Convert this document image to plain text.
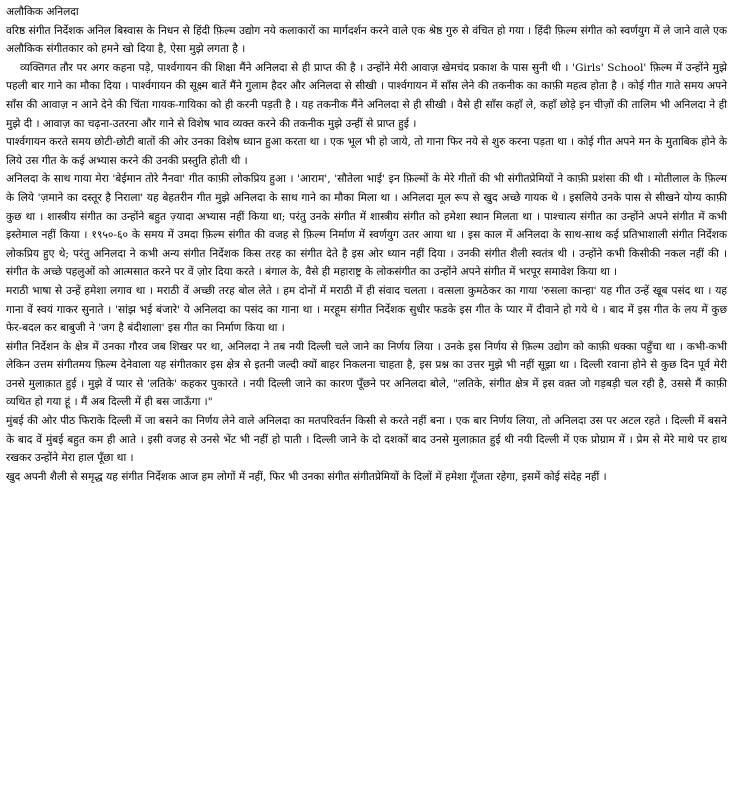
अलौकिक अनिलदा

वरिष्ठ संगीत निर्देशक अनिल बिस्वास के निधन से हिंदी फ़िल्म उद्योग नये कलाकारों का मार्गदर्शन करने वाले एक श्रेष्ठ गुरु से वंचित हो गया । हिंदी फ़िल्म संगीत को स्वर्णयुग में ले जाने वाले एक अलौकिक संगीतकार को हमने खो दिया है, ऐसा मुझे लगता है ।

व्यक्तिगत तौर पर अगर कहना पड़े, पार्श्वगायन की शिक्षा मैंने अनिलदा से ही प्राप्त की है । उन्होंने मेरी आवाज़ खेमचंद प्रकाश के पास सुनी थी । 'Girls' School' फ़िल्म में उन्होंने मुझे पहली बार गाने का मौका दिया । पार्श्वगायन की सूक्ष्म बातें मैंने गुलाम हैदर और अनिलदा से सीखी । पार्श्वगायन में साँस लेने की तकनीक का काफ़ी महत्व होता है । कोई गीत गाते समय अपने साँस की आवाज़ न आने देने की चिंता गायक-गायिका को ही करनी पड़ती है । यह तकनीक मैंने अनिलदा से ही सीखी । वैसे ही साँस कहाँ ले, कहाँ छोड़े इन चीज़ों की तालिम भी अनिलदा ने ही मुझे दी । आवाज़ का चढ़ना-उतरना और गाने से विशेष भाव व्यक्त करने की तकनीक मुझे उन्हीं से प्राप्त हुई ।

पार्श्वगायन करते समय छोटी-छोटी बातों की ओर उनका विशेष ध्यान हुआ करता था । एक भूल भी हो जाये, तो गाना फिर नये से शुरु करना पड़ता था । कोई गीत अपने मन के मुताबिक होने के लिये उस गीत के कई अभ्यास करने की उनकी प्रस्तुति होती थी ।

अनिलदा के साथ गाया मेरा 'बेईमान तोरे नैनवा' गीत काफ़ी लोकप्रिय हुआ । 'आराम', 'सौतेला भाई' इन फ़िल्मों के मेरे गीतों की भी संगीतप्रेमियों ने काफ़ी प्रशंसा की थी । मोतीलाल के फ़िल्म के लिये 'ज़माने का दस्तूर है निराला' यह बेहतरीन गीत मुझे अनिलदा के साथ गाने का मौका मिला था । अनिलदा मूल रूप से खुद अच्छे गायक थे । इसलिये उनके पास से सीखने योग्य काफ़ी कुछ था । शास्त्रीय संगीत का उन्होंने बहुत ज़्यादा अभ्यास नहीं किया था; परंतु उनके संगीत में शास्त्रीय संगीत को हमेशा स्थान मिलता था । पाश्चात्य संगीत का उन्होंने अपने संगीत में कभी इस्तेमाल नहीं किया । १९५०-६० के समय में उमदा फ़िल्म संगीत की वजह से फ़िल्म निर्माण में स्वर्णयुग उतर आया था । इस काल में अनिलदा के साथ-साथ कई प्रतिभाशाली संगीत निर्देशक लोकप्रिय हुए थे; परंतु अनिलदा ने कभी अन्य संगीत निर्देशक किस तरह का संगीत देते है इस ओर ध्यान नहीं दिया । उनकी संगीत शैली स्वतंत्र थी । उन्होंने कभी किसीकी नकल नहीं की । संगीत के अच्छे पहलुओं को आत्मसात करने पर वें ज़ोर दिया करते । बंगाल के, वैसे ही महाराष्ट्र के लोकसंगीत का उन्होंने अपने संगीत में भरपूर समावेश किया था ।

मराठी भाषा से उन्हें हमेशा लगाव था । मराठी वें अच्छी तरह बोल लेते । हम दोनों में मराठी में ही संवाद चलता । वत्सला कुमठेकर का गाया 'रुसला कान्हा' यह गीत उन्हें खूब पसंद था । यह गाना वें स्वयं गाकर सुनाते । 'सांझ भई बंजारे' ये अनिलदा का पसंद का गाना था । मरहूम संगीत निर्देशक सुधीर फडके इस गीत के प्यार में दीवाने हो गये थे । बाद में इस गीत के लय में कुछ फेर-बदल कर बाबुजी ने 'जग है बंदीशाला' इस गीत का निर्माण किया था ।

संगीत निर्देशन के क्षेत्र में उनका गौरव जब शिखर पर था, अनिलदा ने तब नयी दिल्ली चले जाने का निर्णय लिया । उनके इस निर्णय से फ़िल्म उद्योग को काफ़ी धक्का पहुँचा था । कभी-कभी लेकिन उत्तम संगीतमय फ़िल्म देनेवाला यह संगीतकार इस क्षेत्र से इतनी जल्दी क्यों बाहर निकलना चाहता है, इस प्रश्न का उत्तर मुझे भी नहीं सूझा था । दिल्ली रवाना होने से कुछ दिन पूर्व मेरी उनसे मुलाक़ात हुई । मुझे वें प्यार से 'लतिके' कहकर पुकारते । नयी दिल्ली जाने का कारण पूँछने पर अनिलदा बोले, "लतिके, संगीत क्षेत्र में इस वक़्त जो गड़बड़ी चल रही है, उससे मैं काफ़ी व्यथित हो गया हूं । मैं अब दिल्ली में ही बस जाऊँगा ।"

मुंबई की ओर पीठ फिराके दिल्ली में जा बसने का निर्णय लेने वाले अनिलदा का मतपरिवर्तन किसी से करते नहीं बना । एक बार निर्णय लिया, तो अनिलदा उस पर अटल रहते । दिल्ली में बसने के बाद वें मुंबई बहुत कम ही आते । इसी वजह से उनसे भेंट भी नहीं हो पाती । दिल्ली जाने के दो दशकों बाद उनसे मुलाक़ात हुई थी नयी दिल्ली में एक प्रोग्राम में । प्रेम से मेरे माथे पर हाथ रखकर उन्होंने मेरा हाल पूँछा था ।

खुद अपनी शैली से समृद्ध यह संगीत निर्देशक आज हम लोगों में नहीं, फिर भी उनका संगीत संगीतप्रेमियों के दिलों में हमेशा गूँजता रहेगा, इसमें कोई संदेह नहीं ।
